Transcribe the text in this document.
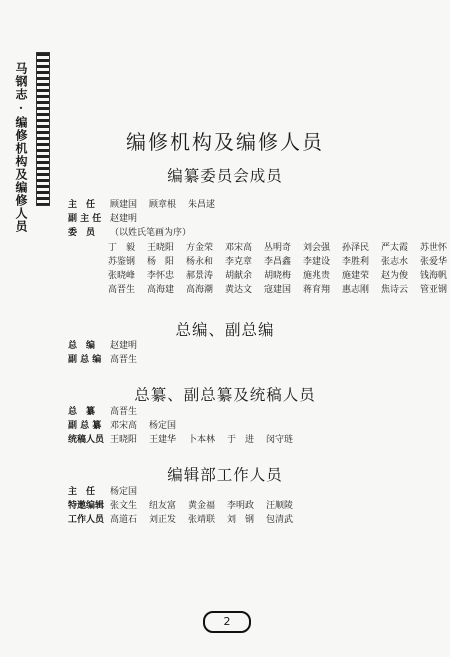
马钢志·编修机构及编修人员	编修机构及编修人员
编纂委员会成员
主　任 顾建国 顾章根 朱昌逑
副 主 任 赵建明
委　员 （以姓氏笔画为序）
丁　毅 王晓阳 方金荣 邓宋高 丛明奇 刘会强 孙泽民 严太霞 苏世怀
苏鉴钢 杨　阳 杨永和 李克章 李昌鑫 李建设 李胜利 张志水 张爱华
张晓峰 李怀忠 郝景涛 胡献余 胡晓梅 施兆贵 施建荣 赵为俊 钱海帆
高晋生 高海建 高海潮 黄达文 寇建国 蒋育翔 惠志刚 焦诗云 管亚钢
总编、副总编
总　编 赵建明
副 总 编 高晋生
总纂、副总纂及统稿人员
总　纂 高晋生
副 总 纂 邓宋高 杨定国
统稿人员 王晓阳 王建华 卜本林 于　进 闵守琏
编辑部工作人员
主　任 杨定国
特邀编辑 张文生 纽友富 黄金福 李明政 汪顺陵
工作人员 高道石 刘正发 张靖联 刘　钢 包清武
2
